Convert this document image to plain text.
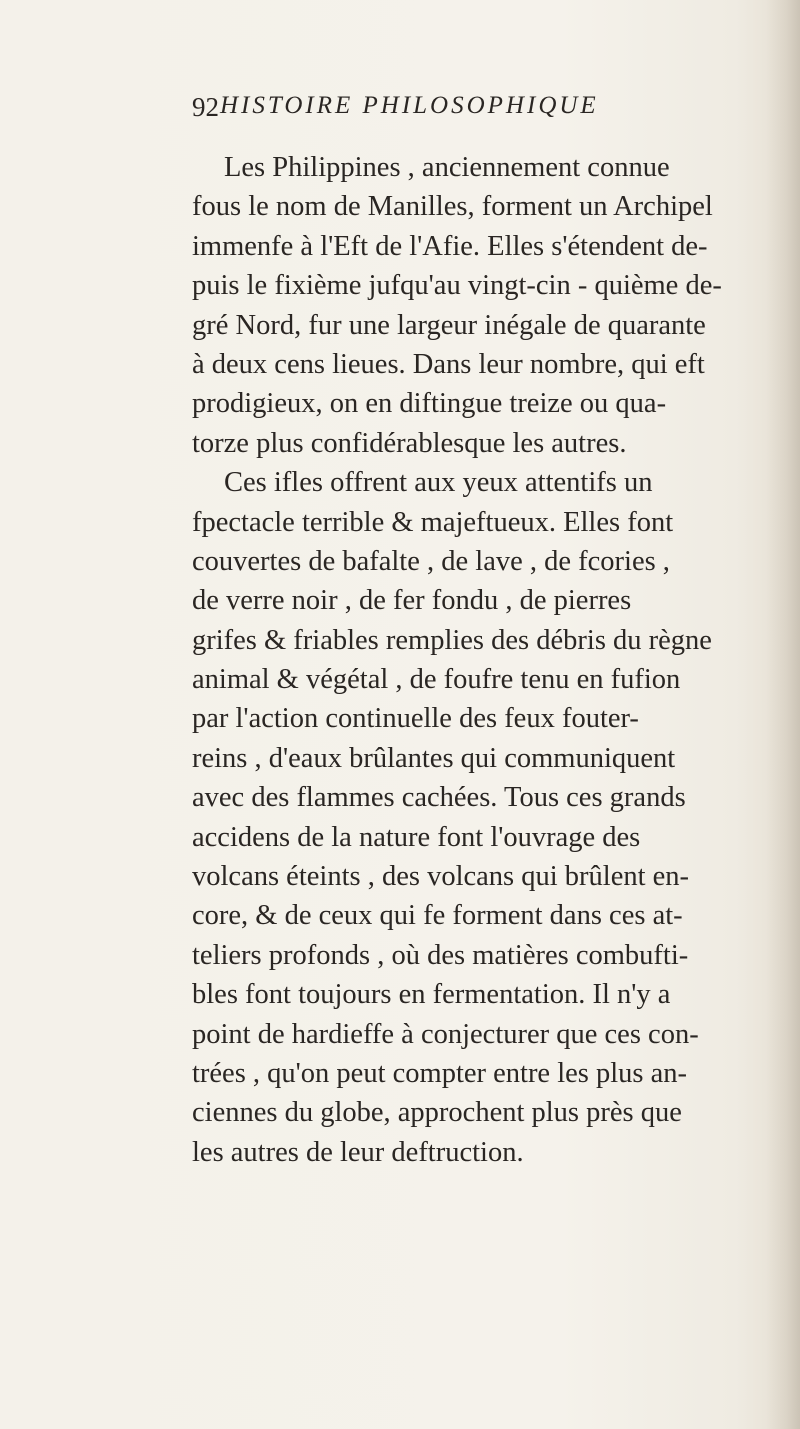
92 HISTOIRE PHILOSOPHIQUE
Les Philippines , anciennement connue
fous le nom de Manilles, forment un Archipel
immenfe à l'Eft de l'Afie. Elles s'étendent de-
puis le fixième jufqu'au vingt-cin - quième de-
gré Nord, fur une largeur inégale de quarante
à deux cens lieues. Dans leur nombre, qui eft
prodigieux, on en diftingue treize ou qua-
torze plus confidérablesque les autres.
Ces ifles offrent aux yeux attentifs un
fpectacle terrible & majeftueux. Elles font
couvertes de bafalte , de lave , de fcories ,
de verre noir , de fer fondu , de pierres
grifes & friables remplies des débris du règne
animal & végétal , de foufre tenu en fufion
par l'action continuelle des feux fouter-
reins , d'eaux brûlantes qui communiquent
avec des flammes cachées. Tous ces grands
accidens de la nature font l'ouvrage des
volcans éteints , des volcans qui brûlent en-
core, & de ceux qui fe forment dans ces at-
teliers profonds , où des matières combufti-
bles font toujours en fermentation. Il n'y a
point de hardieffe à conjecturer que ces con-
trées , qu'on peut compter entre les plus an-
ciennes du globe, approchent plus près que
les autres de leur deftruction.
